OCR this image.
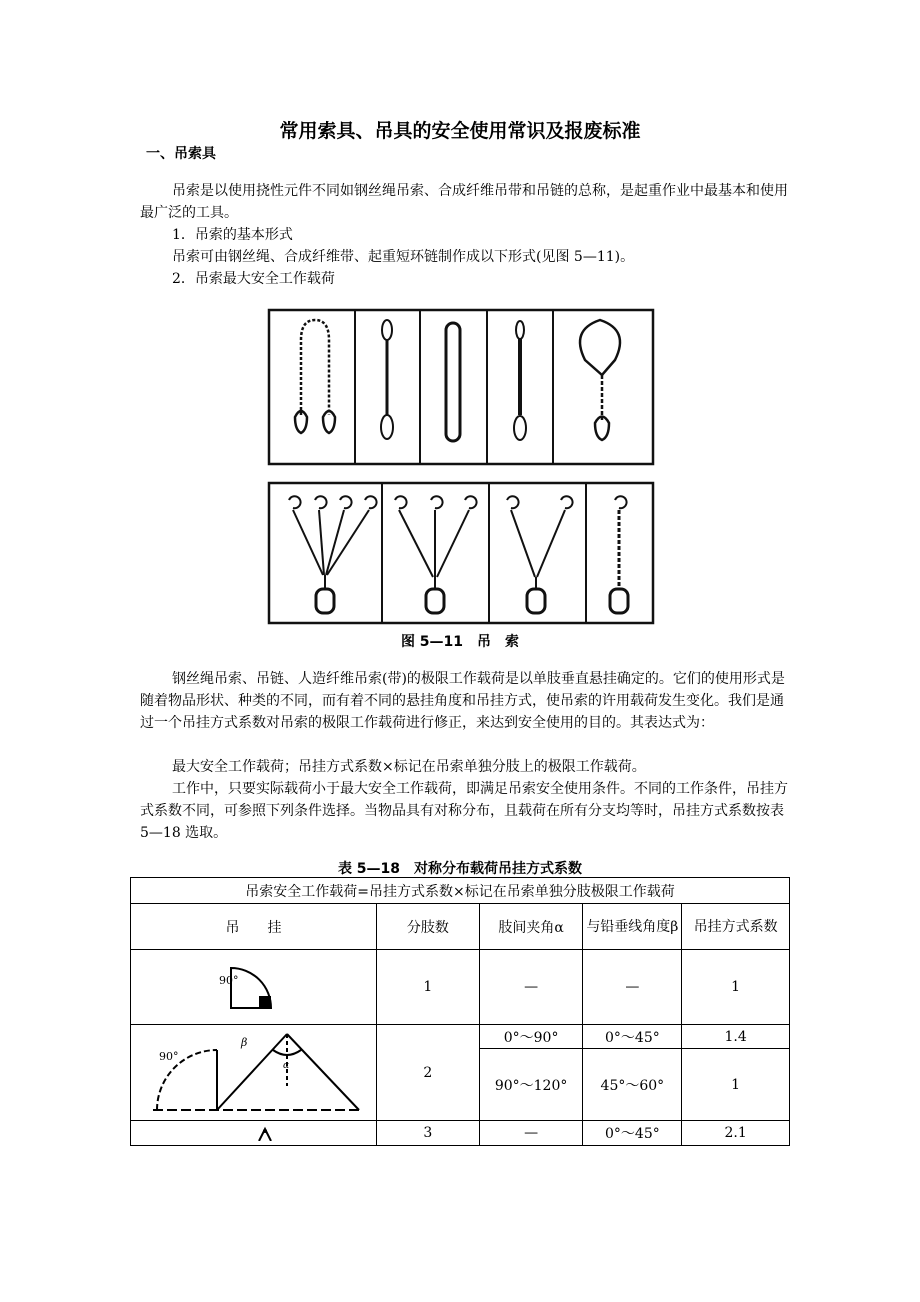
常用索具、吊具的安全使用常识及报废标准
一、吊索具
吊索是以使用挠性元件不同如钢丝绳吊索、合成纤维吊带和吊链的总称，是起重作业中最基本和使用最广泛的工具。
1．吊索的基本形式
吊索可由钢丝绳、合成纤维带、起重短环链制作成以下形式(见图 5—11)。
2．吊索最大安全工作载荷
图 5—11　吊　索
钢丝绳吊索、吊链、人造纤维吊索(带)的极限工作载荷是以单肢垂直悬挂确定的。它们的使用形式是随着物品形状、种类的不同，而有着不同的悬挂角度和吊挂方式，使吊索的许用载荷发生变化。我们是通过一个吊挂方式系数对吊索的极限工作载荷进行修正，来达到安全使用的目的。其表达式为：
最大安全工作载荷；吊挂方式系数×标记在吊索单独分肢上的极限工作载荷。
工作中，只要实际载荷小于最大安全工作载荷，即满足吊索安全使用条件。不同的工作条件，吊挂方式系数不同，可参照下列条件选择。当物品具有对称分布，且载荷在所有分支均等时，吊挂方式系数按表 5—18 选取。
表 5—18　对称分布载荷吊挂方式系数
吊索安全工作载荷=吊挂方式系数×标记在吊索单独分肢极限工作载荷				
吊　　挂	分肢数	肢间夹角α	与铅垂线角度β	吊挂方式系数

90°	1	—	—	1

90°
β
α	2	0°～90°	0°～45°	1.4
		90°～120°	45°～60°	1
	3	—	0°～45°	2.1
